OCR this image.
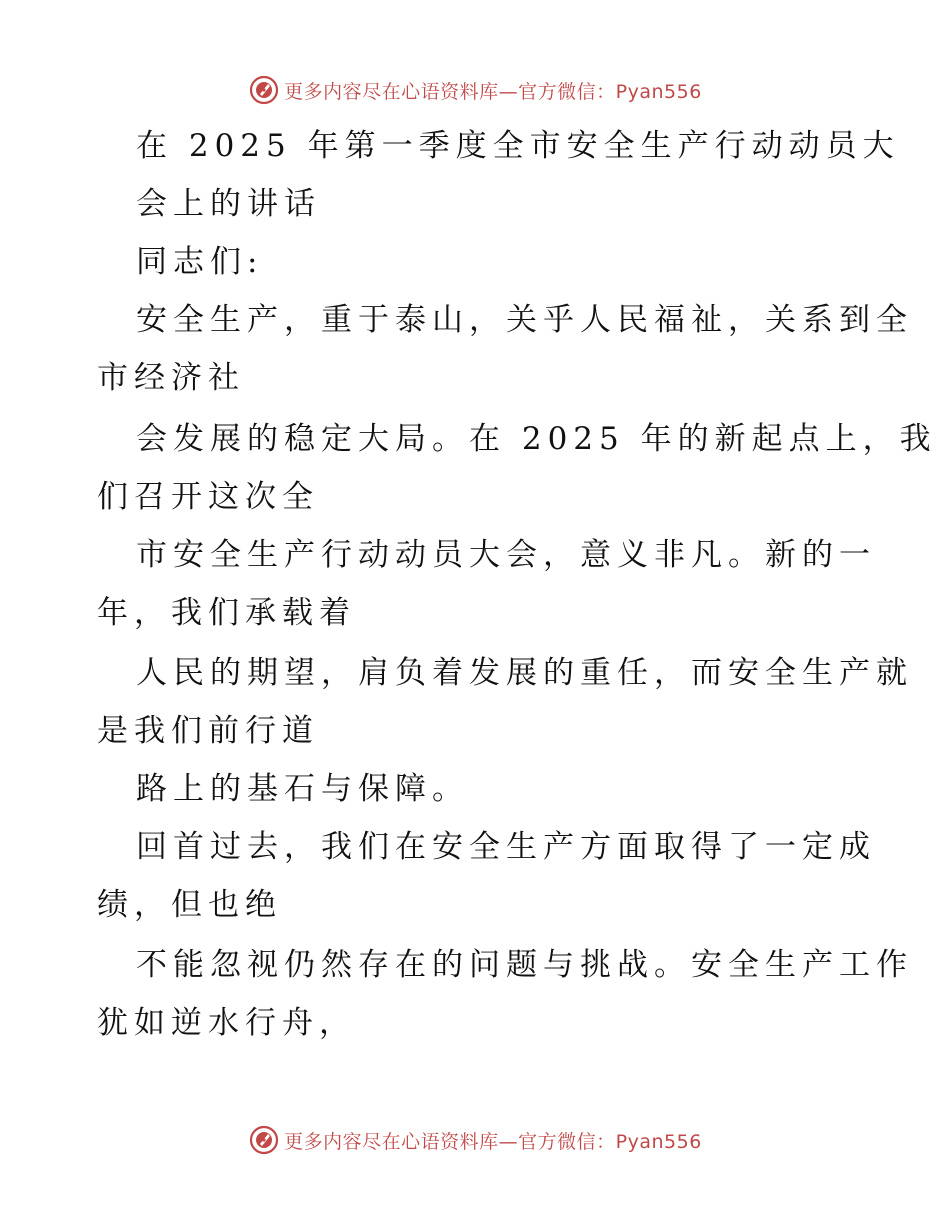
更多内容尽在心语资料库—官方微信：Pyan556
在 2025 年第一季度全市安全生产行动动员大
会上的讲话
同志们:
安全生产，重于泰山，关乎人民福祉，关系到全
市经济社
会发展的稳定大局。在 2025 年的新起点上，我
们召开这次全
市安全生产行动动员大会，意义非凡。新的一
年，我们承载着
人民的期望，肩负着发展的重任，而安全生产就
是我们前行道
路上的基石与保障。
回首过去，我们在安全生产方面取得了一定成
绩，但也绝
不能忽视仍然存在的问题与挑战。安全生产工作
犹如逆水行舟，
更多内容尽在心语资料库—官方微信：Pyan556
